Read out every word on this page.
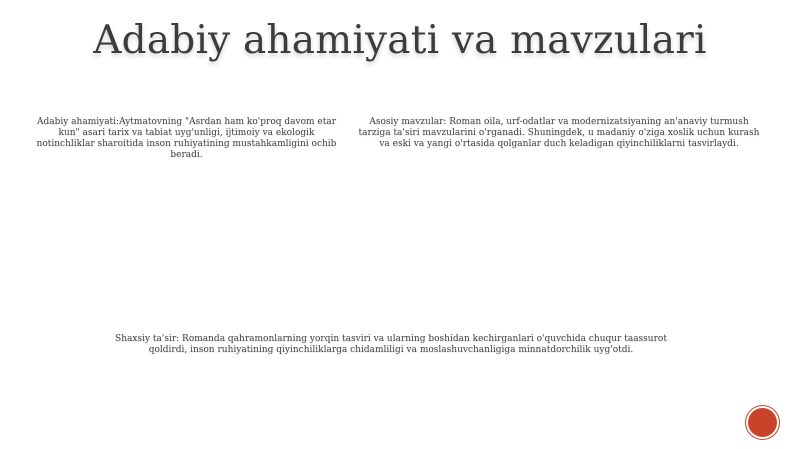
Adabiy ahamiyati va mavzulari

Adabiy ahamiyati:Aytmatovning "Asrdan ham ko'proq davom etar kun" asari tarix va tabiat uyg'unligi, ijtimoiy va ekologik notinchliklar sharoitida inson ruhiyatining mustahkamligini ochib beradi.

Asosiy mavzular: Roman oila, urf-odatlar va modernizatsiyaning an'anaviy turmush tarziga ta'siri mavzularini o'rganadi. Shuningdek, u madaniy o'ziga xoslik uchun kurash va eski va yangi o'rtasida qolganlar duch keladigan qiyinchiliklarni tasvirlaydi.

Shaxsiy ta'sir: Romanda qahramonlarning yorqin tasviri va ularning boshidan kechirganlari o'quvchida chuqur taassurot qoldirdi, inson ruhiyatining qiyinchiliklarga chidamliligi va moslashuvchanligiga minnatdorchilik uyg'otdi.
